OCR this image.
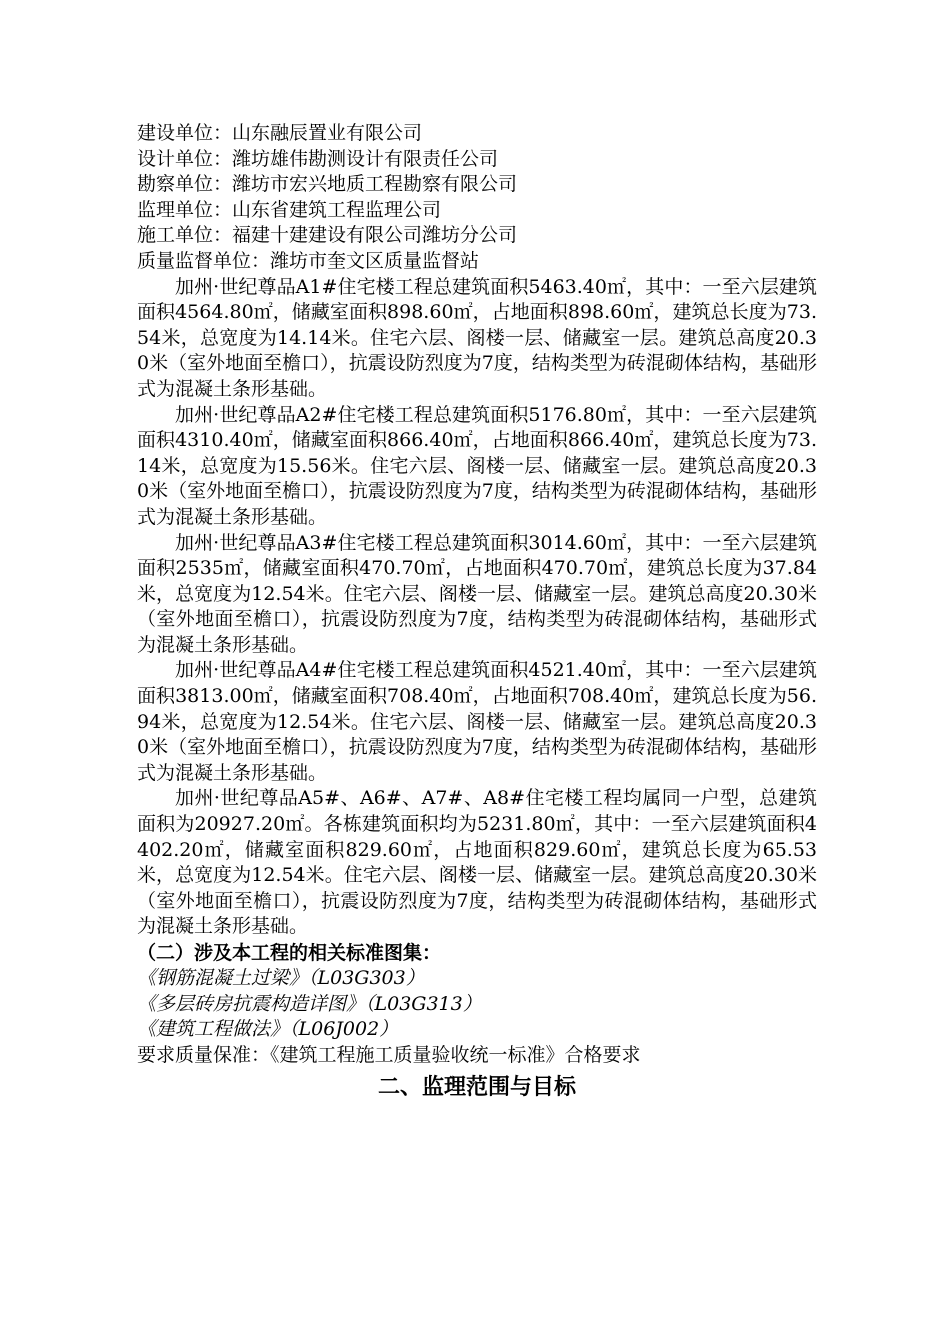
建设单位：山东融辰置业有限公司
设计单位：潍坊雄伟勘测设计有限责任公司
勘察单位：潍坊市宏兴地质工程勘察有限公司
监理单位：山东省建筑工程监理公司
施工单位：福建十建建设有限公司潍坊分公司
质量监督单位：潍坊市奎文区质量监督站
加州·世纪尊品A1#住宅楼工程总建筑面积5463.40㎡，其中：一至六层建筑面积4564.80㎡，储藏室面积898.60㎡，占地面积898.60㎡，建筑总长度为73.54米，总宽度为14.14米。住宅六层、阁楼一层、储藏室一层。建筑总高度20.30米（室外地面至檐口），抗震设防烈度为7度，结构类型为砖混砌体结构，基础形式为混凝土条形基础。
加州·世纪尊品A2#住宅楼工程总建筑面积5176.80㎡，其中：一至六层建筑面积4310.40㎡，储藏室面积866.40㎡，占地面积866.40㎡，建筑总长度为73.14米，总宽度为15.56米。住宅六层、阁楼一层、储藏室一层。建筑总高度20.30米（室外地面至檐口），抗震设防烈度为7度，结构类型为砖混砌体结构，基础形式为混凝土条形基础。
加州·世纪尊品A3#住宅楼工程总建筑面积3014.60㎡，其中：一至六层建筑面积2535㎡，储藏室面积470.70㎡，占地面积470.70㎡，建筑总长度为37.84米，总宽度为12.54米。住宅六层、阁楼一层、储藏室一层。建筑总高度20.30米（室外地面至檐口），抗震设防烈度为7度，结构类型为砖混砌体结构，基础形式为混凝土条形基础。
加州·世纪尊品A4#住宅楼工程总建筑面积4521.40㎡，其中：一至六层建筑面积3813.00㎡，储藏室面积708.40㎡，占地面积708.40㎡，建筑总长度为56.94米，总宽度为12.54米。住宅六层、阁楼一层、储藏室一层。建筑总高度20.30米（室外地面至檐口），抗震设防烈度为7度，结构类型为砖混砌体结构，基础形式为混凝土条形基础。
加州·世纪尊品A5#、A6#、A7#、A8#住宅楼工程均属同一户型，总建筑面积为20927.20㎡。各栋建筑面积均为5231.80㎡，其中：一至六层建筑面积4402.20㎡，储藏室面积829.60㎡，占地面积829.60㎡，建筑总长度为65.53米，总宽度为12.54米。住宅六层、阁楼一层、储藏室一层。建筑总高度20.30米（室外地面至檐口），抗震设防烈度为7度，结构类型为砖混砌体结构，基础形式为混凝土条形基础。
（二）涉及本工程的相关标准图集：
《钢筋混凝土过梁》（L03G303）
《多层砖房抗震构造详图》（L03G313）
《建筑工程做法》（L06J002）
要求质量保准：《建筑工程施工质量验收统一标准》合格要求
二、监理范围与目标
